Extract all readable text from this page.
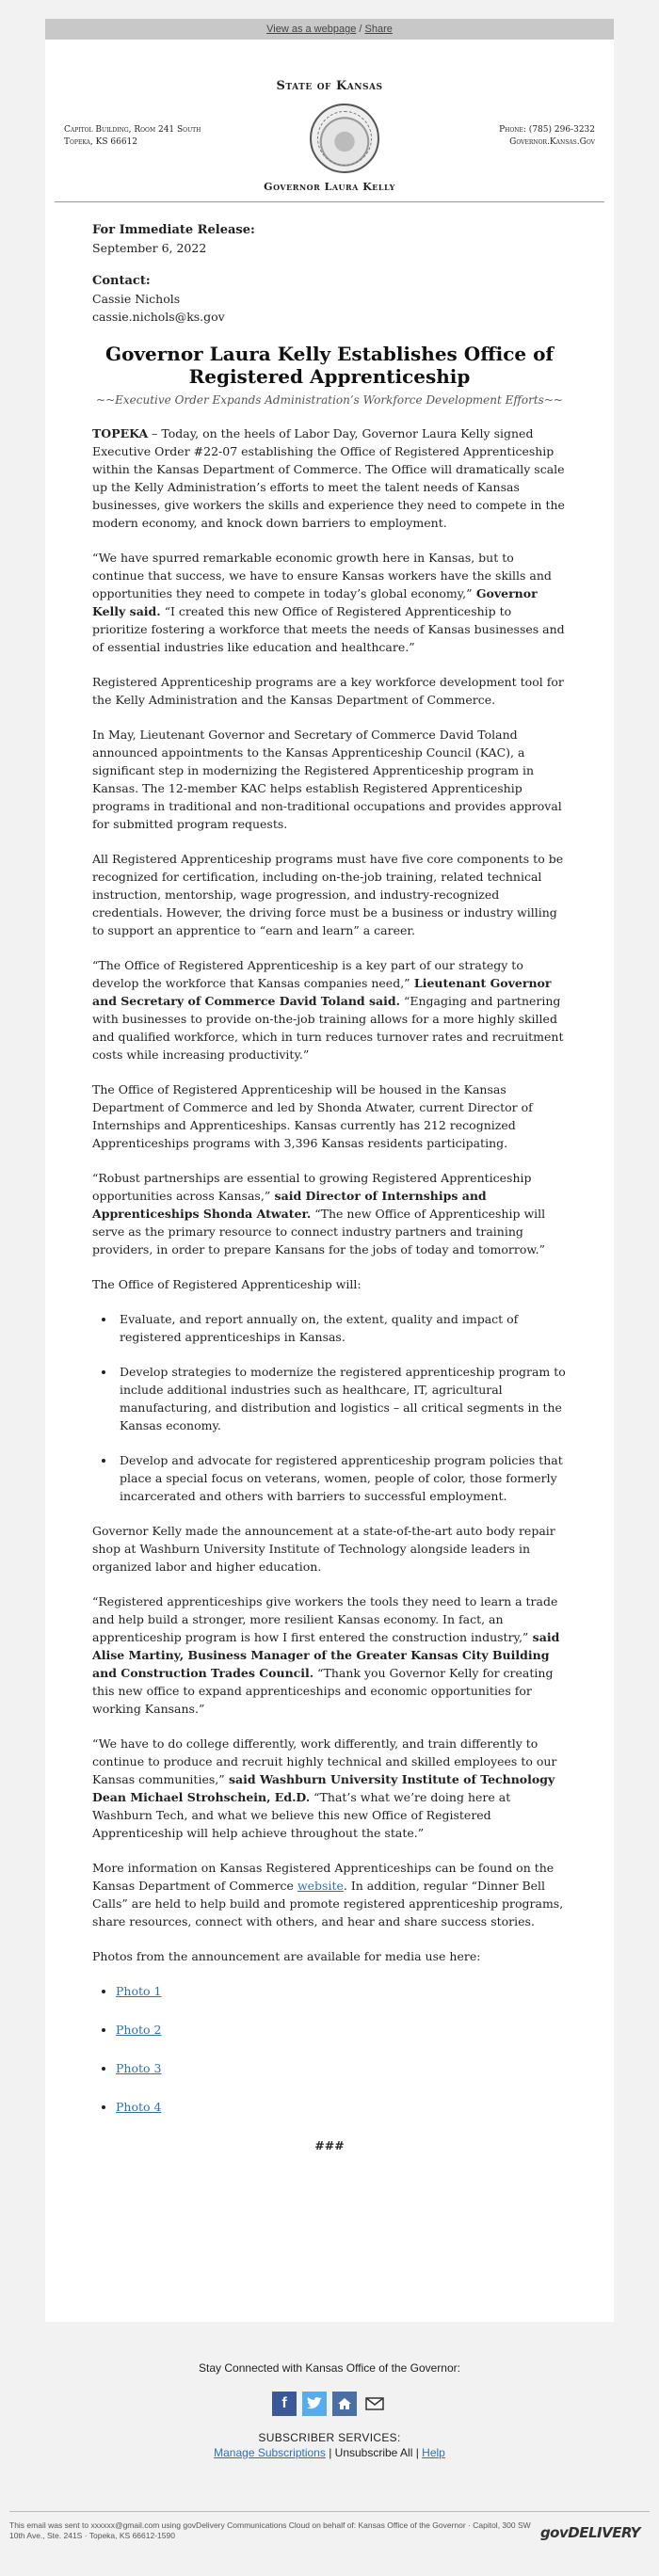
View as a webpage / Share
State of Kansas
Capitol Building, Room 241 South
Topeka, KS 66612
Phone: (785) 296-3232
Governor.Kansas.Gov
Governor Laura Kelly

For Immediate Release:

September 6, 2022

Contact:

Cassie Nichols

cassie.nichols@ks.gov

Governor Laura Kelly Establishes Office of Registered Apprenticeship
~~Executive Order Expands Administration’s Workforce Development Efforts~~

TOPEKA – Today, on the heels of Labor Day, Governor Laura Kelly signed Executive Order #22-07 establishing the Office of Registered Apprenticeship within the Kansas Department of Commerce. The Office will dramatically scale up the Kelly Administration’s efforts to meet the talent needs of Kansas businesses, give workers the skills and experience they need to compete in the modern economy, and knock down barriers to employment.

“We have spurred remarkable economic growth here in Kansas, but to continue that success, we have to ensure Kansas workers have the skills and opportunities they need to compete in today’s global economy,” Governor Kelly said. “I created this new Office of Registered Apprenticeship to prioritize fostering a workforce that meets the needs of Kansas businesses and of essential industries like education and healthcare.”

Registered Apprenticeship programs are a key workforce development tool for the Kelly Administration and the Kansas Department of Commerce.

In May, Lieutenant Governor and Secretary of Commerce David Toland announced appointments to the Kansas Apprenticeship Council (KAC), a significant step in modernizing the Registered Apprenticeship program in Kansas. The 12-member KAC helps establish Registered Apprenticeship programs in traditional and non-traditional occupations and provides approval for submitted program requests.

All Registered Apprenticeship programs must have five core components to be recognized for certification, including on-the-job training, related technical instruction, mentorship, wage progression, and industry-recognized credentials. However, the driving force must be a business or industry willing to support an apprentice to “earn and learn” a career.

“The Office of Registered Apprenticeship is a key part of our strategy to develop the workforce that Kansas companies need,” Lieutenant Governor and Secretary of Commerce David Toland said. “Engaging and partnering with businesses to provide on-the-job training allows for a more highly skilled and qualified workforce, which in turn reduces turnover rates and recruitment costs while increasing productivity.”

The Office of Registered Apprenticeship will be housed in the Kansas Department of Commerce and led by Shonda Atwater, current Director of Internships and Apprenticeships. Kansas currently has 212 recognized Apprenticeships programs with 3,396 Kansas residents participating.

“Robust partnerships are essential to growing Registered Apprenticeship opportunities across Kansas,” said Director of Internships and Apprenticeships Shonda Atwater. “The new Office of Apprenticeship will serve as the primary resource to connect industry partners and training providers, in order to prepare Kansans for the jobs of today and tomorrow.”

The Office of Registered Apprenticeship will:

• Evaluate, and report annually on, the extent, quality and impact of registered apprenticeships in Kansas.
• Develop strategies to modernize the registered apprenticeship program to include additional industries such as healthcare, IT, agricultural manufacturing, and distribution and logistics – all critical segments in the Kansas economy.
• Develop and advocate for registered apprenticeship program policies that place a special focus on veterans, women, people of color, those formerly incarcerated and others with barriers to successful employment.

Governor Kelly made the announcement at a state-of-the-art auto body repair shop at Washburn University Institute of Technology alongside leaders in organized labor and higher education.

“Registered apprenticeships give workers the tools they need to learn a trade and help build a stronger, more resilient Kansas economy. In fact, an apprenticeship program is how I first entered the construction industry,” said Alise Martiny, Business Manager of the Greater Kansas City Building and Construction Trades Council. “Thank you Governor Kelly for creating this new office to expand apprenticeships and economic opportunities for working Kansans.”

“We have to do college differently, work differently, and train differently to continue to produce and recruit highly technical and skilled employees to our Kansas communities,” said Washburn University Institute of Technology Dean Michael Strohschein, Ed.D. “That’s what we’re doing here at Washburn Tech, and what we believe this new Office of Registered Apprenticeship will help achieve throughout the state.”

More information on Kansas Registered Apprenticeships can be found on the Kansas Department of Commerce website. In addition, regular “Dinner Bell Calls” are held to help build and promote registered apprenticeship programs, share resources, connect with others, and hear and share success stories.

Photos from the announcement are available for media use here:

• Photo 1
• Photo 2
• Photo 3
• Photo 4
###
Stay Connected with Kansas Office of the Governor:
f

SUBSCRIBER SERVICES:

Manage Subscriptions | Unsubscribe All | Help

This email was sent to xxxxxx@gmail.com using govDelivery Communications Cloud on behalf of: Kansas Office of the Governor · Capitol, 300 SW 10th Ave., Ste. 241S · Topeka, KS 66612-1590	govDELIVERY
